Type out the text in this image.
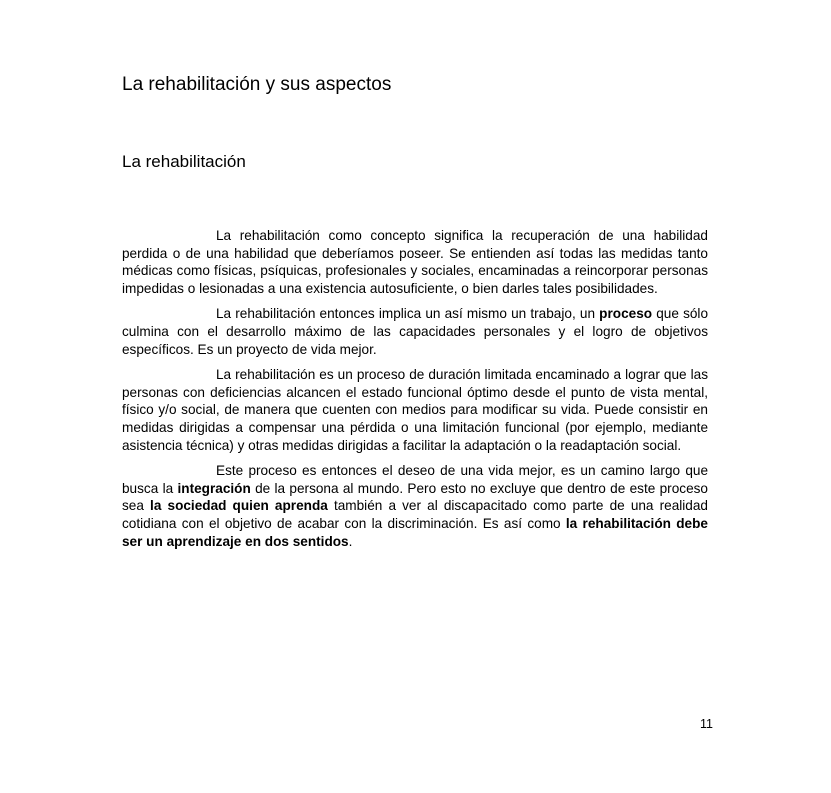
La rehabilitación y sus aspectos
La rehabilitación

La rehabilitación como concepto significa la recuperación de una habilidad perdida o de una habilidad que deberíamos poseer. Se entienden así todas las medidas tanto médicas como físicas, psíquicas, profesionales y sociales, encaminadas a reincorporar personas impedidas o lesionadas a una existencia autosuficiente, o bien darles tales posibilidades.

La rehabilitación entonces implica un así mismo un trabajo, un proceso que sólo culmina con el desarrollo máximo de las capacidades personales y el logro de objetivos específicos. Es un proyecto de vida mejor.

La rehabilitación es un proceso de duración limitada encaminado a lograr que las personas con deficiencias alcancen el estado funcional óptimo desde el punto de vista mental, físico y/o social, de manera que cuenten con medios para modificar su vida. Puede consistir en medidas dirigidas a compensar una pérdida o una limitación funcional (por ejemplo, mediante asistencia técnica) y otras medidas dirigidas a facilitar la adaptación o la readaptación social.

Este proceso es entonces el deseo de una vida mejor, es un camino largo que busca la integración de la persona al mundo. Pero esto no excluye que dentro de este proceso sea la sociedad quien aprenda también a ver al discapacitado como parte de una realidad cotidiana con el objetivo de acabar con la discriminación. Es así como la rehabilitación debe ser un aprendizaje en dos sentidos.

11
